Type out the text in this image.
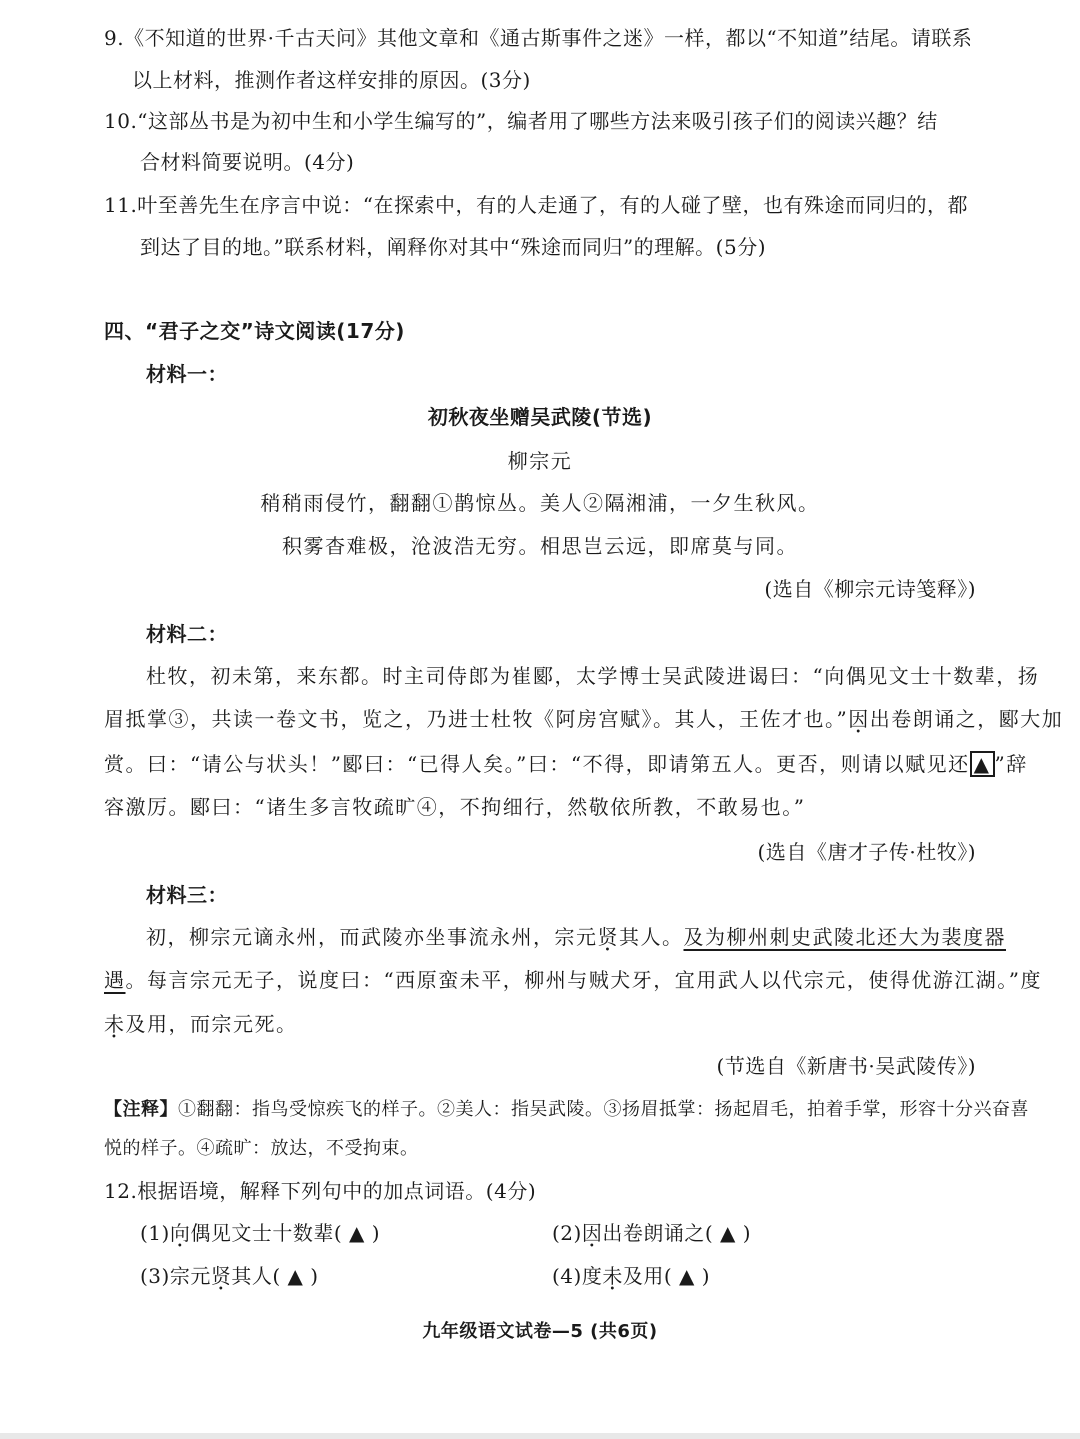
9.《不知道的世界·千古天问》其他文章和《通古斯事件之迷》一样，都以“不知道”结尾。请联系
以上材料，推测作者这样安排的原因。(3分)
10.“这部丛书是为初中生和小学生编写的”，编者用了哪些方法来吸引孩子们的阅读兴趣？结
合材料简要说明。(4分)
11.叶至善先生在序言中说：“在探索中，有的人走通了，有的人碰了壁，也有殊途而同归的，都
到达了目的地。”联系材料，阐释你对其中“殊途而同归”的理解。(5分)
四、“君子之交”诗文阅读(17分)
材料一：
初秋夜坐赠吴武陵(节选)
柳宗元
稍稍雨侵竹，翻翻①鹊惊丛。美人②隔湘浦，一夕生秋风。
积雾杳难极，沧波浩无穷。相思岂云远，即席莫与同。
(选自《柳宗元诗笺释》)
材料二：
杜牧，初未第，来东都。时主司侍郎为崔郾，太学博士吴武陵进谒曰：“向偶见文士十数辈，扬
眉抵掌③，共读一卷文书，览之，乃进士杜牧《阿房宫赋》。其人，王佐才也。”因出卷朗诵之，郾大加
赏。曰：“请公与状头！”郾曰：“已得人矣。”曰：“不得，即请第五人。更否，则请以赋见还 ▲ ”辞
容激厉。郾曰：“诸生多言牧疏旷④，不拘细行，然敬依所教，不敢易也。”
(选自《唐才子传·杜牧》)
材料三：
初，柳宗元谪永州，而武陵亦坐事流永州，宗元贤其人。及为柳州刺史武陵北还大为裴度器
遇。每言宗元无子，说度曰：“西原蛮未平，柳州与贼犬牙，宜用武人以代宗元，使得优游江湖。”度
未及用，而宗元死。
(节选自《新唐书·吴武陵传》)
【注释】①翻翻：指鸟受惊疾飞的样子。②美人：指吴武陵。③扬眉抵掌：扬起眉毛，拍着手掌，形容十分兴奋喜
悦的样子。④疏旷：放达，不受拘束。
12.根据语境，解释下列句中的加点词语。(4分)
(1)向偶见文士十数辈( ▲ )	(2)因出卷朗诵之( ▲ )
(3)宗元贤其人( ▲ )	(4)度未及用( ▲ )
九年级语文试卷—5 (共6页)
